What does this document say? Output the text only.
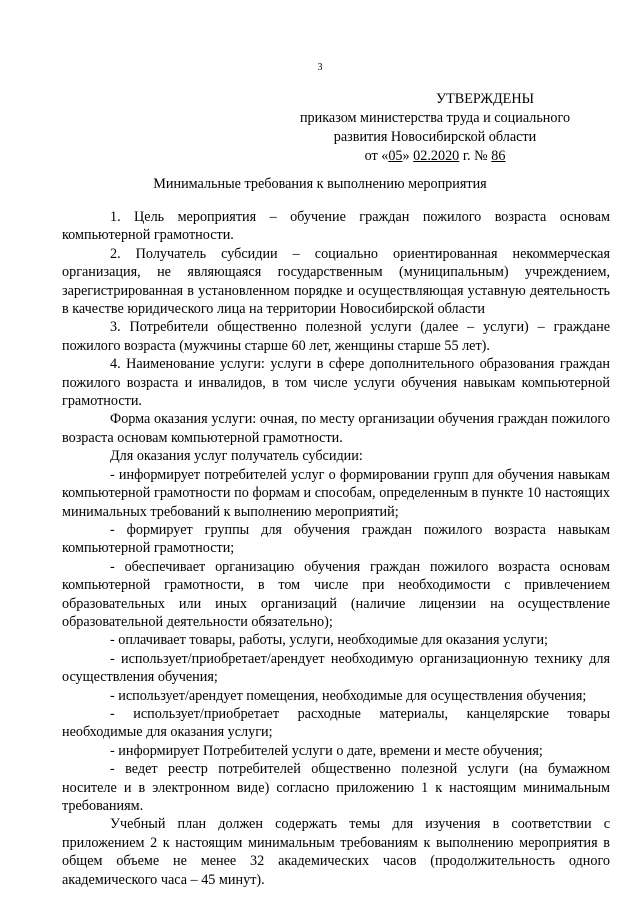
3
УТВЕРЖДЕНЫ
приказом министерства труда и социального
развития Новосибирской области
от «05» 02.2020 г. № 86
Минимальные требования к выполнению мероприятия

1. Цель мероприятия – обучение граждан пожилого возраста основам компьютерной грамотности.

2. Получатель субсидии – социально ориентированная некоммерческая организация, не являющаяся государственным (муниципальным) учреждением, зарегистрированная в установленном порядке и осуществляющая уставную деятельность в качестве юридического лица на территории Новосибирской области

3. Потребители общественно полезной услуги (далее – услуги) – граждане пожилого возраста (мужчины старше 60 лет, женщины старше 55 лет).

4. Наименование услуги: услуги в сфере дополнительного образования граждан пожилого возраста и инвалидов, в том числе услуги обучения навыкам компьютерной грамотности.

Форма оказания услуги: очная, по месту организации обучения граждан пожилого возраста основам компьютерной грамотности.

Для оказания услуг получатель субсидии:

- информирует потребителей услуг о формировании групп для обучения навыкам компьютерной грамотности по формам и способам, определенным в пункте 10 настоящих минимальных требований к выполнению мероприятий;

- формирует группы для обучения граждан пожилого возраста навыкам компьютерной грамотности;

- обеспечивает организацию обучения граждан пожилого возраста основам компьютерной грамотности, в том числе при необходимости с привлечением образовательных или иных организаций (наличие лицензии на осуществление образовательной деятельности обязательно);

- оплачивает товары, работы, услуги, необходимые для оказания услуги;

- использует/приобретает/арендует необходимую организационную технику для осуществления обучения;

- использует/арендует помещения, необходимые для осуществления обучения;

- использует/приобретает расходные материалы, канцелярские товары необходимые для оказания услуги;

- информирует Потребителей услуги о дате, времени и месте обучения;

- ведет реестр потребителей общественно полезной услуги (на бумажном носителе и в электронном виде) согласно приложению 1 к настоящим минимальным требованиям.

Учебный план должен содержать темы для изучения в соответствии с приложением 2 к настоящим минимальным требованиям к выполнению мероприятия в общем объеме не менее 32 академических часов (продолжительность одного академического часа – 45 минут).
